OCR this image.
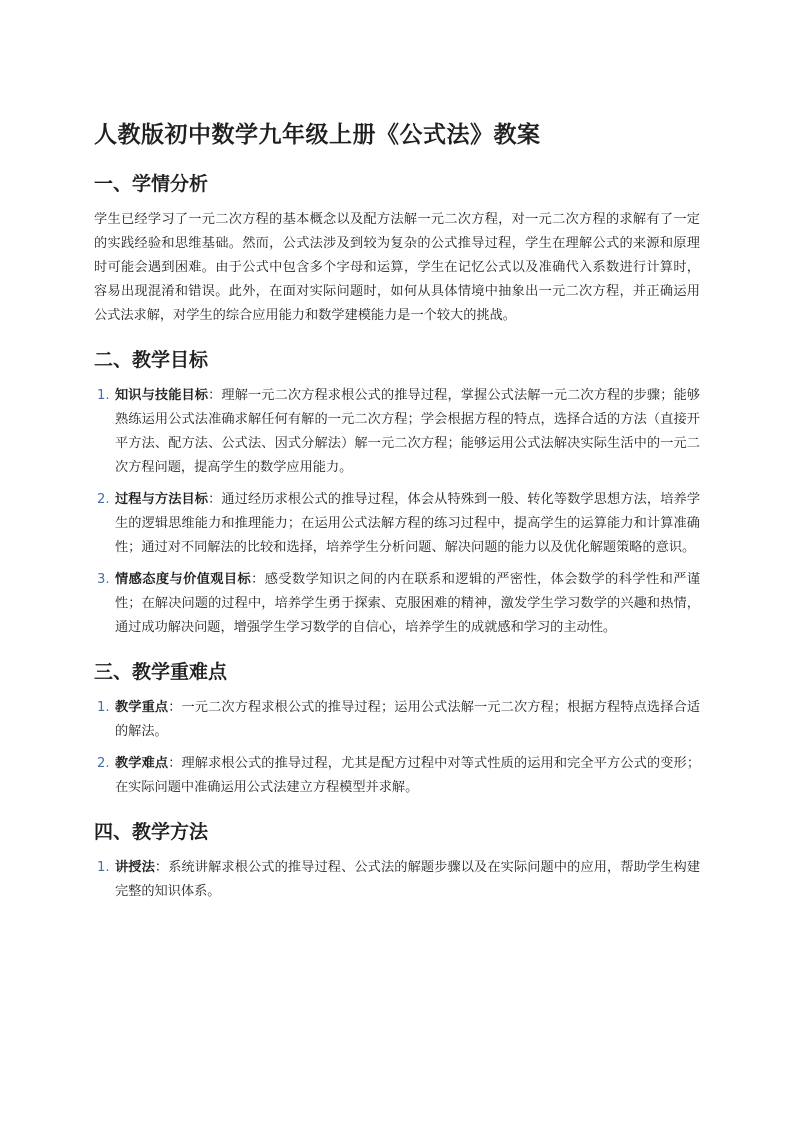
人教版初中数学九年级上册《公式法》教案
一、学情分析

学生已经学习了一元二次方程的基本概念以及配方法解一元二次方程，对一元二次方程的求解有了一定的实践经验和思维基础。然而，公式法涉及到较为复杂的公式推导过程，学生在理解公式的来源和原理时可能会遇到困难。由于公式中包含多个字母和运算，学生在记忆公式以及准确代入系数进行计算时，容易出现混淆和错误。此外，在面对实际问题时，如何从具体情境中抽象出一元二次方程，并正确运用公式法求解，对学生的综合应用能力和数学建模能力是一个较大的挑战。

二、教学目标
1. 知识与技能目标：理解一元二次方程求根公式的推导过程，掌握公式法解一元二次方程的步骤；能够熟练运用公式法准确求解任何有解的一元二次方程；学会根据方程的特点，选择合适的方法（直接开平方法、配方法、公式法、因式分解法）解一元二次方程；能够运用公式法解决实际生活中的一元二次方程问题，提高学生的数学应用能力。
2. 过程与方法目标：通过经历求根公式的推导过程，体会从特殊到一般、转化等数学思想方法，培养学生的逻辑思维能力和推理能力；在运用公式法解方程的练习过程中，提高学生的运算能力和计算准确性；通过对不同解法的比较和选择，培养学生分析问题、解决问题的能力以及优化解题策略的意识。
3. 情感态度与价值观目标：感受数学知识之间的内在联系和逻辑的严密性，体会数学的科学性和严谨性；在解决问题的过程中，培养学生勇于探索、克服困难的精神，激发学生学习数学的兴趣和热情，通过成功解决问题，增强学生学习数学的自信心，培养学生的成就感和学习的主动性。
三、教学重难点
1. 教学重点：一元二次方程求根公式的推导过程；运用公式法解一元二次方程；根据方程特点选择合适的解法。
2. 教学难点：理解求根公式的推导过程，尤其是配方过程中对等式性质的运用和完全平方公式的变形；在实际问题中准确运用公式法建立方程模型并求解。
四、教学方法
1. 讲授法：系统讲解求根公式的推导过程、公式法的解题步骤以及在实际问题中的应用，帮助学生构建完整的知识体系。
